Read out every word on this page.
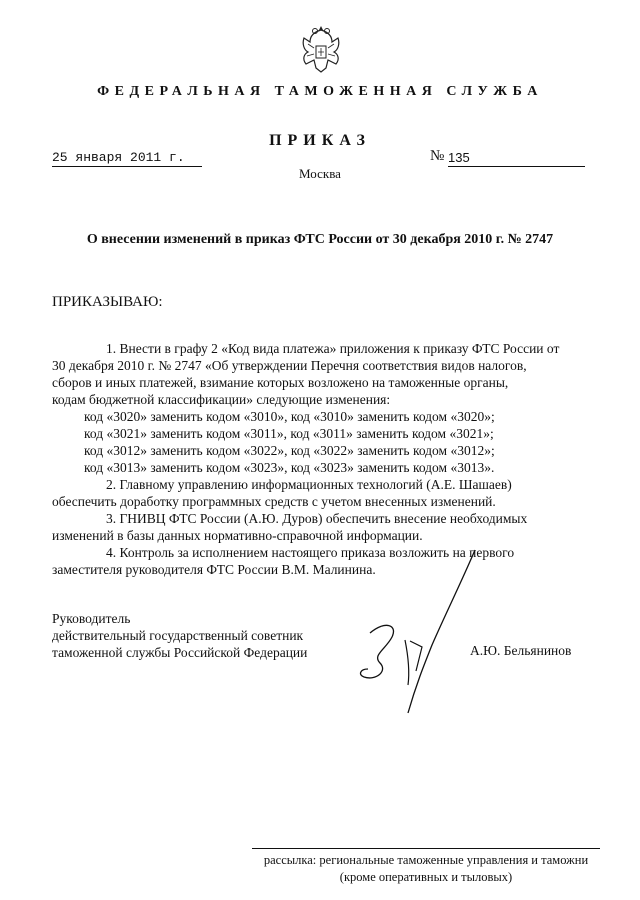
ФЕДЕРАЛЬНАЯ ТАМОЖЕННАЯ СЛУЖБА
ПРИКАЗ
25 января 2011 г.	№ 135
Москва
О внесении изменений в приказ ФТС России от 30 декабря 2010 г. № 2747
ПРИКАЗЫВАЮ:

1. Внести в графу 2 «Код вида платежа» приложения к приказу ФТС России от

30 декабря 2010 г. № 2747 «Об утверждении Перечня соответствия видов налогов,

сборов и иных платежей, взимание которых возложено на таможенные органы,

кодам бюджетной классификации» следующие изменения:

код «3020» заменить кодом «3010», код «3010» заменить кодом «3020»;

код «3021» заменить кодом «3011», код «3011» заменить кодом «3021»;

код «3012» заменить кодом «3022», код «3022» заменить кодом «3012»;

код «3013» заменить кодом «3023», код «3023» заменить кодом «3013».

2. Главному управлению информационных технологий (А.Е. Шашаев)

обеспечить доработку программных средств с учетом внесенных изменений.

3. ГНИВЦ ФТС России (А.Ю. Дуров) обеспечить внесение необходимых

изменений в базы данных нормативно-справочной информации.

4. Контроль за исполнением настоящего приказа возложить на первого

заместителя руководителя ФТС России В.М. Малинина.

Руководитель
действительный государственный советник
таможенной службы Российской Федерации	А.Ю. Бельянинов
рассылка: региональные таможенные управления и таможни
(кроме оперативных и тыловых)
